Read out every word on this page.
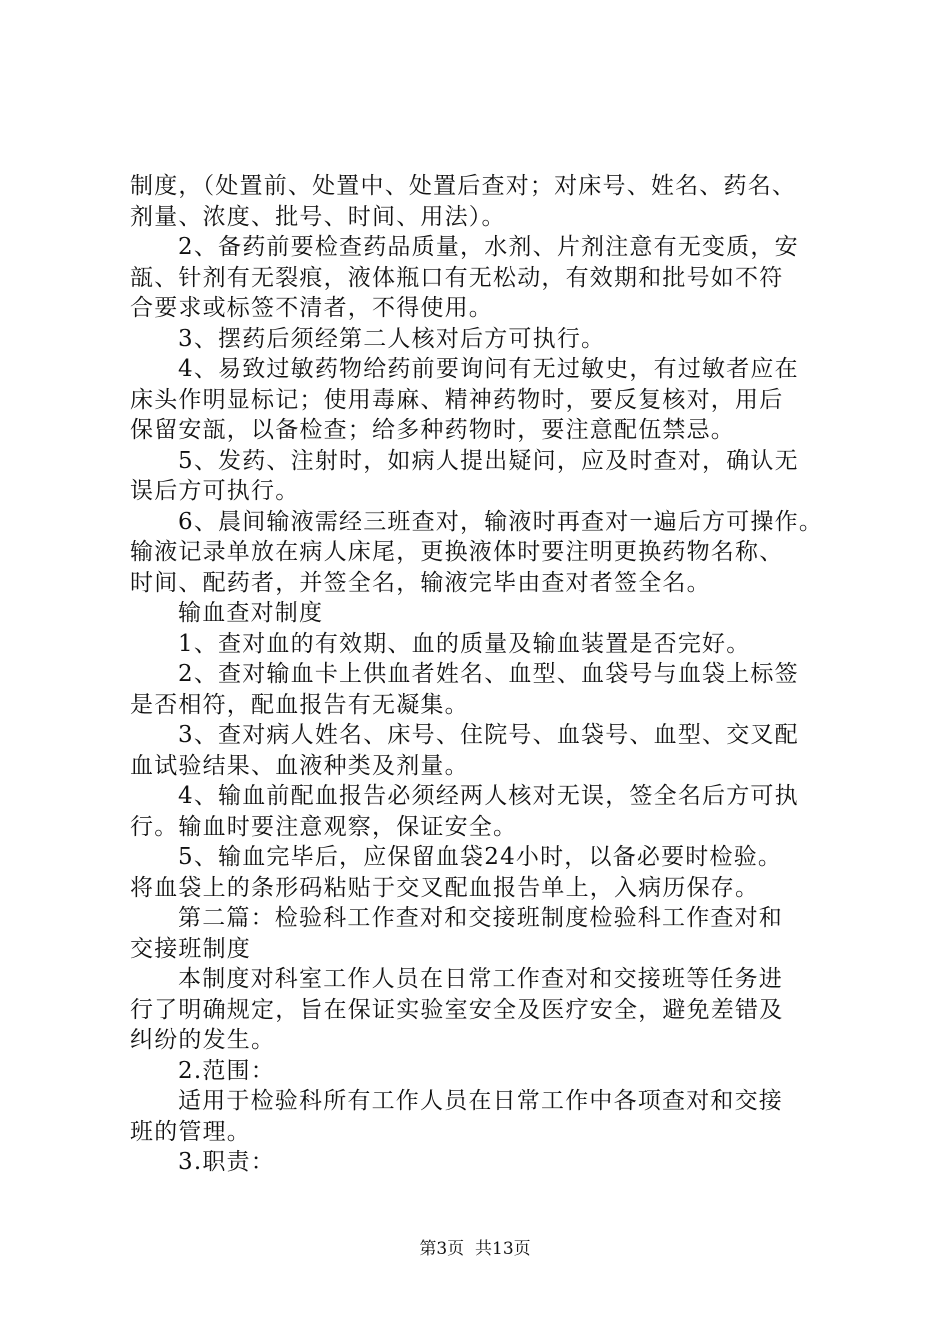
制度，（处置前、处置中、处置后查对；对床号、姓名、药名、
剂量、浓度、批号、时间、用法）。
2、备药前要检查药品质量，水剂、片剂注意有无变质，安
瓿、针剂有无裂痕，液体瓶口有无松动，有效期和批号如不符
合要求或标签不清者，不得使用。
3、摆药后须经第二人核对后方可执行。
4、易致过敏药物给药前要询问有无过敏史，有过敏者应在
床头作明显标记；使用毒麻、精神药物时，要反复核对，用后
保留安瓿，以备检查；给多种药物时，要注意配伍禁忌。
5、发药、注射时，如病人提出疑问，应及时查对，确认无
误后方可执行。
6、晨间输液需经三班查对，输液时再查对一遍后方可操作。
输液记录单放在病人床尾，更换液体时要注明更换药物名称、
时间、配药者，并签全名，输液完毕由查对者签全名。
输血查对制度
1、查对血的有效期、血的质量及输血装置是否完好。
2、查对输血卡上供血者姓名、血型、血袋号与血袋上标签
是否相符，配血报告有无凝集。
3、查对病人姓名、床号、住院号、血袋号、血型、交叉配
血试验结果、血液种类及剂量。
4、输血前配血报告必须经两人核对无误，签全名后方可执
行。输血时要注意观察，保证安全。
5、输血完毕后，应保留血袋24小时，以备必要时检验。
将血袋上的条形码粘贴于交叉配血报告单上，入病历保存。
第二篇：检验科工作查对和交接班制度检验科工作查对和
交接班制度
本制度对科室工作人员在日常工作查对和交接班等任务进
行了明确规定，旨在保证实验室安全及医疗安全，避免差错及
纠纷的发生。
2.范围：
适用于检验科所有工作人员在日常工作中各项查对和交接
班的管理。
3.职责：
第3页 共13页
